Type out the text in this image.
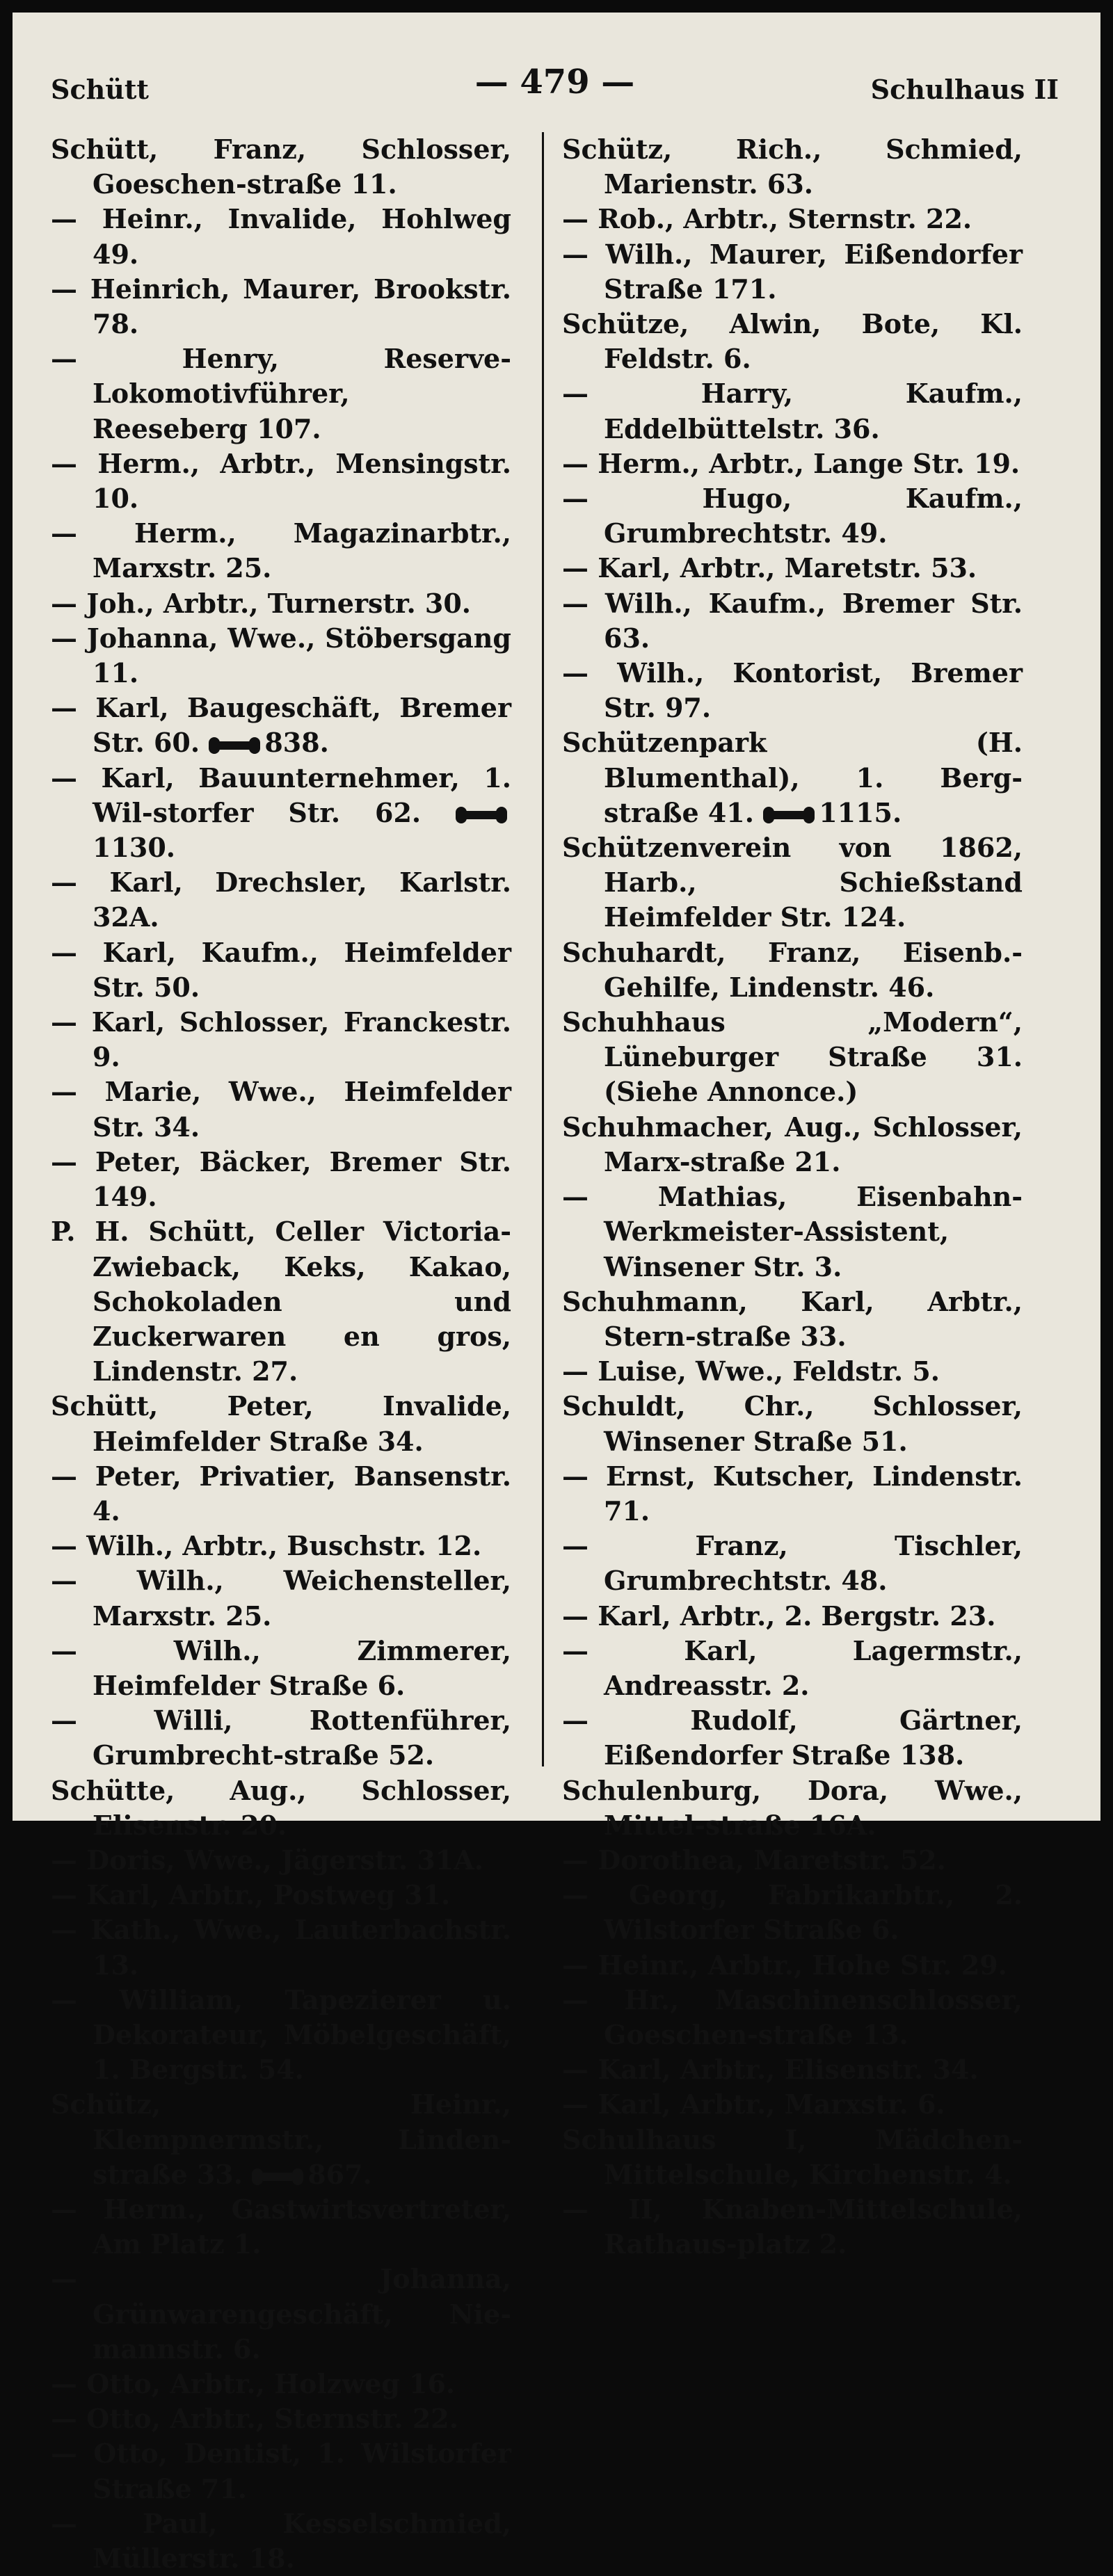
Schütt	— 479 —	Schulhaus II
Schütt, Franz, Schlosser, Goeschen-straße 11.
— Heinr., Invalide, Hohlweg 49.
— Heinrich, Maurer, Brookstr. 78.
— Henry, Reserve-Lokomotivführer, Reeseberg 107.
— Herm., Arbtr., Mensingstr. 10.
— Herm., Magazinarbtr., Marxstr. 25.
— Joh., Arbtr., Turnerstr. 30.
— Johanna, Wwe., Stöbersgang 11.
— Karl, Baugeschäft, Bremer Str. 60. 838.
— Karl, Bauunternehmer, 1. Wil-storfer Str. 62.
1130.
— Karl, Drechsler, Karlstr. 32A.
— Karl, Kaufm., Heimfelder Str. 50.
— Karl, Schlosser, Franckestr. 9.
— Marie, Wwe., Heimfelder Str. 34.
— Peter, Bäcker, Bremer Str. 149.
P. H. Schütt, Celler Victoria-Zwieback, Keks, Kakao, Schokoladen und Zuckerwaren en gros, Lindenstr. 27.
Schütt, Peter, Invalide, Heimfelder Straße 34.
— Peter, Privatier, Bansenstr. 4.
— Wilh., Arbtr., Buschstr. 12.
— Wilh., Weichensteller, Marxstr. 25.
— Wilh., Zimmerer, Heimfelder Straße 6.
— Willi, Rottenführer, Grumbrecht-straße 52.
Schütte, Aug., Schlosser, Elisenstr. 20.
— Doris, Wwe., Jägerstr. 31A.
— Karl, Arbtr., Postweg 31.
— Kath., Wwe., Lauterbachstr. 13.
— William, Tapezierer u. Dekorateur, Möbelgeschäft, 1. Bergstr. 54.
Schütz, Heinr., Klempnermstr., Linden-straße 33. 867.
— Herm., Gastwirtsvertreter, Am Platz 1.
— Johanna, Grünwarengeschäft, Nie-mannstr. 6.
— Otto, Arbtr., Holzweg 16.
— Otto, Arbtr., Sternstr. 22.
— Otto, Dentist, 1. Wilstorfer Straße 71.
— Paul, Kesselschmied, Müllerstr. 18.
Schütz, Rich., Schmied, Marienstr. 63.
— Rob., Arbtr., Sternstr. 22.
— Wilh., Maurer, Eißendorfer Straße 171.
Schütze, Alwin, Bote, Kl. Feldstr. 6.
— Harry, Kaufm., Eddelbüttelstr. 36.
— Herm., Arbtr., Lange Str. 19.
— Hugo, Kaufm., Grumbrechtstr. 49.
— Karl, Arbtr., Maretstr. 53.
— Wilh., Kaufm., Bremer Str. 63.
— Wilh., Kontorist, Bremer Str. 97.
Schützenpark (H. Blumenthal), 1. Berg-straße 41. 1115.
Schützenverein von 1862, Harb., Schießstand Heimfelder Str. 124.
Schuhardt, Franz, Eisenb.-Gehilfe, Lindenstr. 46.
Schuhhaus „Modern“, Lüneburger Straße 31. (Siehe Annonce.)
Schuhmacher, Aug., Schlosser, Marx-straße 21.
— Mathias, Eisenbahn-Werkmeister-Assistent, Winsener Str. 3.
Schuhmann, Karl, Arbtr., Stern-straße 33.
— Luise, Wwe., Feldstr. 5.
Schuldt, Chr., Schlosser, Winsener Straße 51.
— Ernst, Kutscher, Lindenstr. 71.
— Franz, Tischler, Grumbrechtstr. 48.
— Karl, Arbtr., 2. Bergstr. 23.
— Karl, Lagermstr., Andreasstr. 2.
— Rudolf, Gärtner, Eißendorfer Straße 138.
Schulenburg, Dora, Wwe., Mittel-straße 16A.
— Dorothea, Maretstr. 52.
— Georg, Fabrikarbtr., 2. Wilstorfer Straße 6.
— Heinr., Arbtr., Hohe Str. 29.
— Hr., Maschinenschlosser, Goeschen-straße 13.
— Karl, Arbtr., Elisenstr. 34.
— Karl, Arbtr., Marxstr. 6.
Schulhaus I, Mädchen-Mittelschule, Kirchenstr. 4.
— II, Knaben-Mittelschule, Rathaus-platz 2.
